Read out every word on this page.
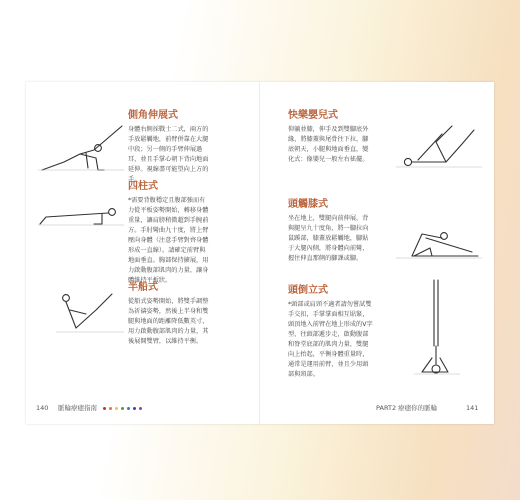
側角伸展式
身體右側採戰士二式，兩方的手放鬆觸地，前臂併靠在大腿中段；另一側的手臂伸展過耳，並且手掌心朝下背向地面延伸。視線盡可能望向上方的手。
四柱式
*需要背腹穩定且腹部強而有力從平板姿勢開始，轉移身體重量，讓肩膀稍微超到手腕前方。手肘彎曲九十度，將上臂壓向身體（注意手臂對齊身體形成一直線）。請確定前臂與地面垂直。胸部保持擴展，用力啟動腹部肌肉的力量，讓身體維持平板狀。
半船式
從船式姿勢開始，將雙手調整為祈禱姿勢，然後上半身和雙腿與地面的距離降低數英寸，用力啟動腹部肌肉的力量，其後展開雙臂，以維持平衡。
快樂嬰兒式
仰躺並膝，伸手及到雙腳底外緣，將膝蓋與尾骨往下拉，腳底朝天，小腿與地面垂直，變化式：像嬰兒一般左右搖擺。
頭觸膝式
坐在地上，雙腿向前伸展，背與腿呈九十度角，將一腳拉向鼠蹊部，膝蓋放鬆觸地，腳貼于大腿內側，將身體向前彎，握住伸直那側的腳課或腳。
頭倒立式
*頭部或肩頸不適者請勿嘗試雙手交扣，手掌掌面相互貼緊，頭頂地入前臂在地上形成的V字型，往頭部遞步走，啟動腹部和脊堂底部的肌肉力量，雙腿向上抬起，平衡身體重量時，通常是運用前臂，並且少用頭部與頸部。
140 脈輪療癒指南	PART2 療癒你的脈輪	141
